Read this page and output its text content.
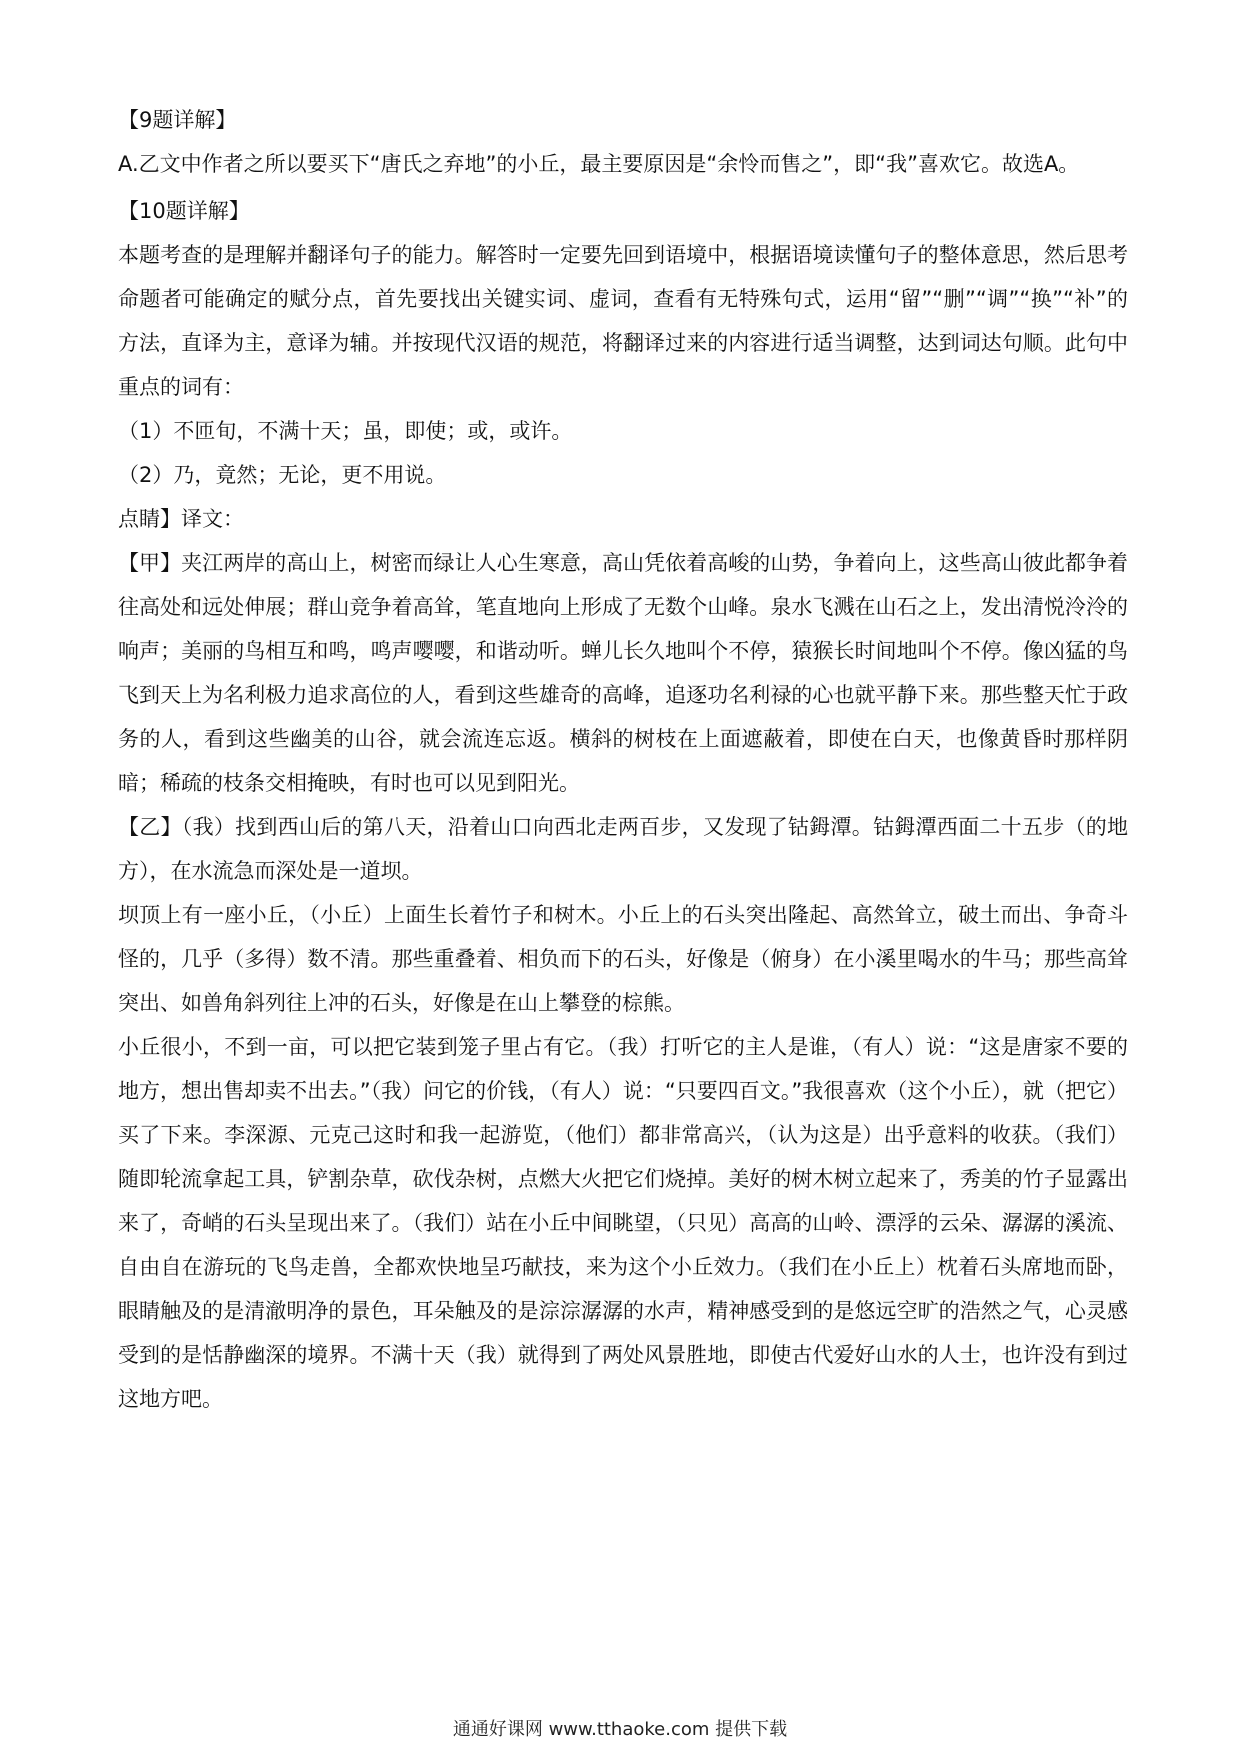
【9题详解】

A.乙文中作者之所以要买下“唐氏之弃地”的小丘，最主要原因是“余怜而售之”，即“我”喜欢它。故选A。

【10题详解】

本题考查的是理解并翻译句子的能力。解答时一定要先回到语境中，根据语境读懂句子的整体意思，然后思考命题者可能确定的赋分点，首先要找出关键实词、虚词，查看有无特殊句式，运用“留”“删”“调”“换”“补”的方法，直译为主，意译为辅。并按现代汉语的规范，将翻译过来的内容进行适当调整，达到词达句顺。此句中重点的词有：

（1）不匝旬，不满十天；虽，即使；或，或许。

（2）乃，竟然；无论，更不用说。

点睛】译文：

【甲】夹江两岸的高山上，树密而绿让人心生寒意，高山凭依着高峻的山势，争着向上，这些高山彼此都争着往高处和远处伸展；群山竞争着高耸，笔直地向上形成了无数个山峰。泉水飞溅在山石之上，发出清悦泠泠的响声；美丽的鸟相互和鸣，鸣声嘤嘤，和谐动听。蝉儿长久地叫个不停，猿猴长时间地叫个不停。像凶猛的鸟飞到天上为名利极力追求高位的人，看到这些雄奇的高峰，追逐功名利禄的心也就平静下来。那些整天忙于政务的人，看到这些幽美的山谷，就会流连忘返。横斜的树枝在上面遮蔽着，即使在白天，也像黄昏时那样阴暗；稀疏的枝条交相掩映，有时也可以见到阳光。

【乙】（我）找到西山后的第八天，沿着山口向西北走两百步，又发现了钴鉧潭。钴鉧潭西面二十五步（的地方），在水流急而深处是一道坝。

坝顶上有一座小丘，（小丘）上面生长着竹子和树木。小丘上的石头突出隆起、高然耸立，破土而出、争奇斗怪的，几乎（多得）数不清。那些重叠着、相负而下的石头，好像是（俯身）在小溪里喝水的牛马；那些高耸突出、如兽角斜列往上冲的石头，好像是在山上攀登的棕熊。

小丘很小，不到一亩，可以把它装到笼子里占有它。（我）打听它的主人是谁，（有人）说：“这是唐家不要的地方，想出售却卖不出去。”（我）问它的价钱，（有人）说：“只要四百文。”我很喜欢（这个小丘），就（把它）买了下来。李深源、元克己这时和我一起游览，（他们）都非常高兴，（认为这是）出乎意料的收获。（我们）随即轮流拿起工具，铲割杂草，砍伐杂树，点燃大火把它们烧掉。美好的树木树立起来了，秀美的竹子显露出来了，奇峭的石头呈现出来了。（我们）站在小丘中间眺望，（只见）高高的山岭、漂浮的云朵、潺潺的溪流、自由自在游玩的飞鸟走兽，全都欢快地呈巧献技，来为这个小丘效力。（我们在小丘上）枕着石头席地而卧，眼睛触及的是清澈明净的景色，耳朵触及的是淙淙潺潺的水声，精神感受到的是悠远空旷的浩然之气，心灵感受到的是恬静幽深的境界。不满十天（我）就得到了两处风景胜地，即使古代爱好山水的人士，也许没有到过这地方吧。

通通好课网 www.tthaoke.com 提供下载
